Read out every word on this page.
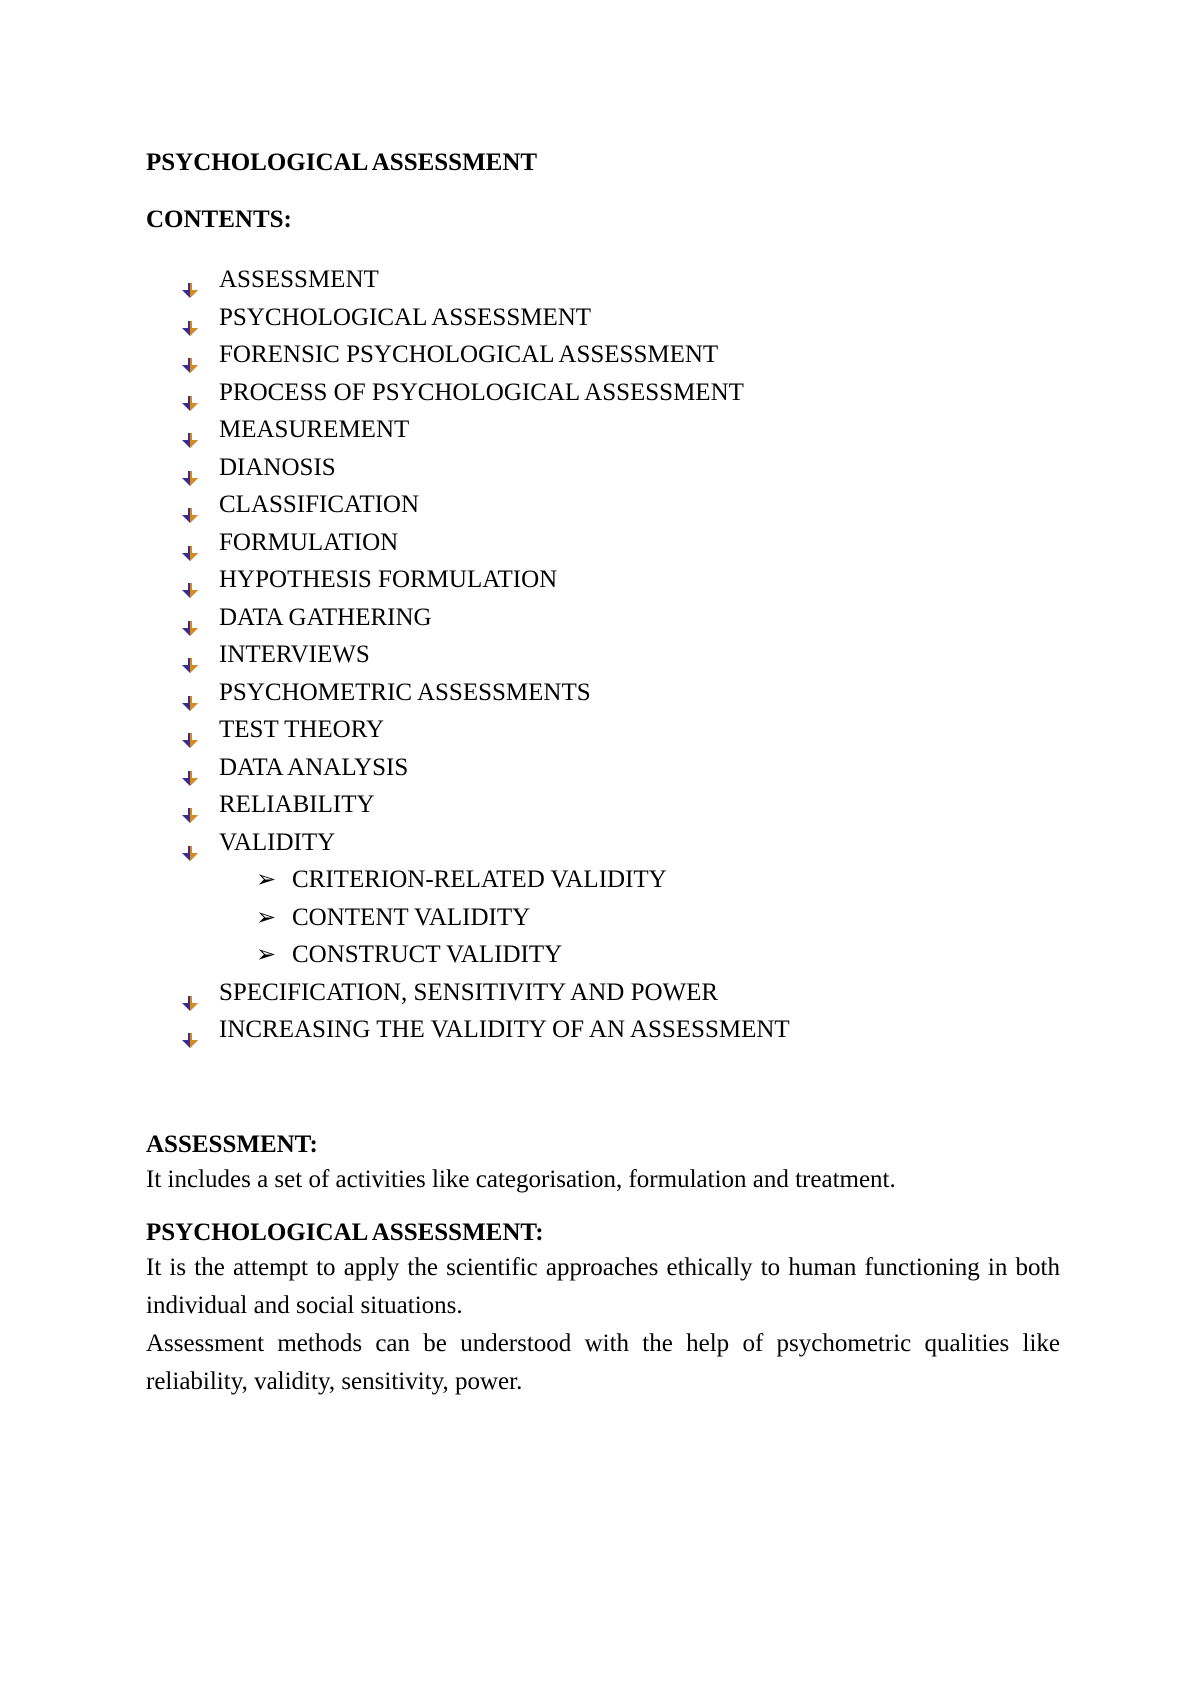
PSYCHOLOGICAL ASSESSMENT

CONTENTS:

ASSESSMENT
PSYCHOLOGICAL ASSESSMENT
FORENSIC PSYCHOLOGICAL ASSESSMENT
PROCESS OF PSYCHOLOGICAL ASSESSMENT
MEASUREMENT
DIANOSIS
CLASSIFICATION
FORMULATION
HYPOTHESIS FORMULATION
DATA GATHERING
INTERVIEWS
PSYCHOMETRIC ASSESSMENTS
TEST THEORY
DATA ANALYSIS
RELIABILITY
VALIDITY
➢ CRITERION-RELATED VALIDITY
➢ CONTENT VALIDITY
➢ CONSTRUCT VALIDITY
SPECIFICATION, SENSITIVITY AND POWER
INCREASING THE VALIDITY OF AN ASSESSMENT

ASSESSMENT:

It includes a set of activities like categorisation, formulation and treatment.

PSYCHOLOGICAL ASSESSMENT:

It is the attempt to apply the scientific approaches ethically to human functioning in both individual and social situations.

Assessment methods can be understood with the help of psychometric qualities like reliability, validity, sensitivity, power.
